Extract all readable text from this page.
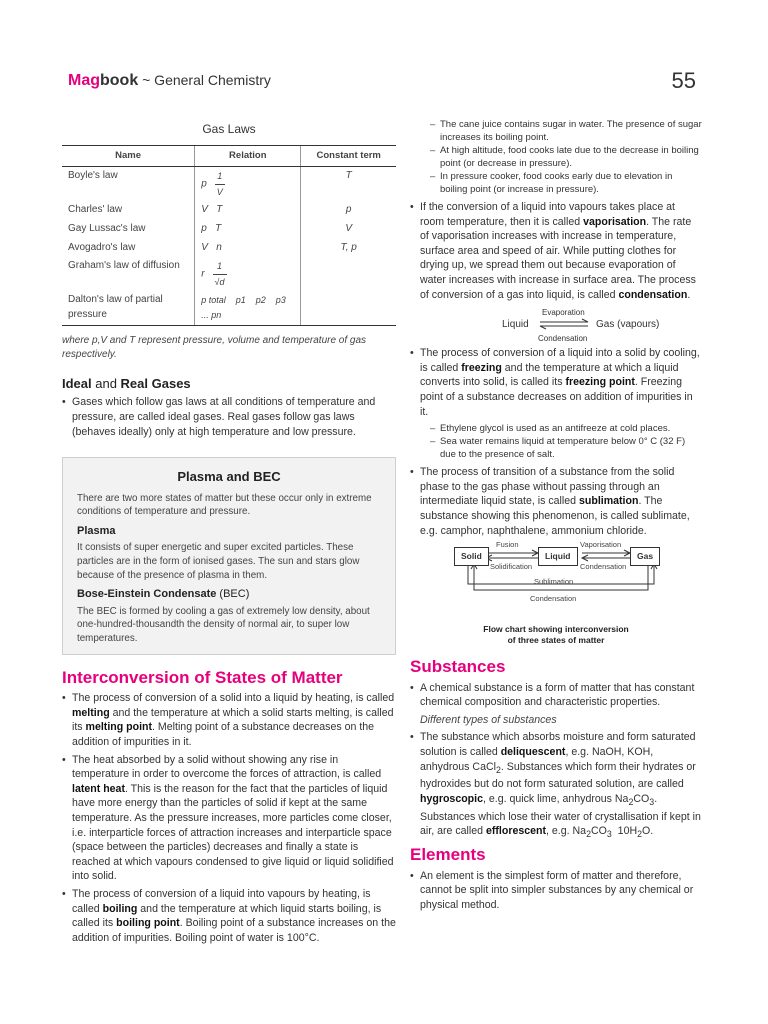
Magbook ~ General Chemistry	55
Gas Laws
Name	Relation	Constant term
Boyle's law	p $\frac{1}{V}$	T
Charles' law	V   T	p
Gay Lussac's law	p   T	V
Avogadro's law	V   n	T, p
Graham's law of diffusion	r $\frac{1}{√d}$

Dalton's law of partial pressure	p total    p1    p2    p3  ... pn	
where p,V and T represent pressure, volume and temperature of gas respectively.
Ideal and Real Gases
• Gases which follow gas laws at all conditions of temperature and pressure, are called ideal gases. Real gases follow gas laws (behaves ideally) only at high temperature and low pressure.
Plasma and BEC

There are two more states of matter but these occur only in extreme conditions of temperature and pressure.

Plasma

It consists of super energetic and super excited particles. These particles are in the form of ionised gases. The sun and stars glow because of the presence of plasma in them.

Bose-Einstein Condensate (BEC)

The BEC is formed by cooling a gas of extremely low density, about one-hundred-thousandth the density of normal air, to super low temperatures.

Interconversion of States of Matter
• The process of conversion of a solid into a liquid by heating, is called melting and the temperature at which a solid starts melting, is called its melting point. Melting point of a substance decreases on the addition of impurities in it.
• The heat absorbed by a solid without showing any rise in temperature in order to overcome the forces of attraction, is called latent heat. This is the reason for the fact that the particles of liquid have more energy than the particles of solid if kept at the same temperature. As the pressure increases, more particles come closer, i.e. interparticle forces of attraction increases and interparticle space (space between the particles) decreases and finally a state is reached at which vapours condensed to give liquid or liquid solidified into solid.
• The process of conversion of a liquid into vapours by heating, is called boiling and the temperature at which liquid starts boiling, is called its boiling point. Boiling point of a substance increases on the addition of impurities. Boiling point of water is 100°C.
– The cane juice contains sugar in water. The presence of sugar increases its boiling point.
– At high altitude, food cooks late due to the decrease in boiling point (or decrease in pressure).
– In pressure cooker, food cooks early due to elevation in boiling point (or increase in pressure).
• If the conversion of a liquid into vapours takes place at room temperature, then it is called vaporisation. The rate of vaporisation increases with increase in temperature, surface area and speed of air. While putting clothes for drying up, we spread them out because evaporation of water increases with increase in surface area. The process of conversion of a gas into liquid, is called condensation.
Liquid
Evaporation
Condensation
Gas (vapours)
• The process of conversion of a liquid into a solid by cooling, is called freezing and the temperature at which a liquid converts into solid, is called its freezing point. Freezing point of a substance decreases on addition of impurities in it.
– Ethylene glycol is used as an antifreeze at cold places.
– Sea water remains liquid at temperature below 0° C (32 F) due to the presence of salt.
• The process of transition of a substance from the solid phase to the gas phase without passing through an intermediate liquid state, is called sublimation. The substance showing this phenomenon, is called sublimate, e.g. camphor, naphthalene, ammonium chloride.
Solid	Liquid	Gas
Fusion
Solidification
Vaporisation
Condensation
Sublimation
Condensation
Flow chart showing interconversion
of three states of matter
Substances
• A chemical substance is a form of matter that has constant chemical composition and characteristic properties.
Different types of substances
• The substance which absorbs moisture and form saturated solution is called deliquescent, e.g. NaOH, KOH, anhydrous CaCl$_2$. Substances which form their hydrates or hydroxides but do not form saturated solution, are called hygroscopic, e.g. quick lime, anhydrous $Na_2CO_3$. Substances which lose their water of crystallisation if kept in air, are called efflorescent, e.g. $Na_2CO_3$  $10H_2O$.
Elements
• An element is the simplest form of matter and therefore, cannot be split into simpler substances by any chemical or physical method.
